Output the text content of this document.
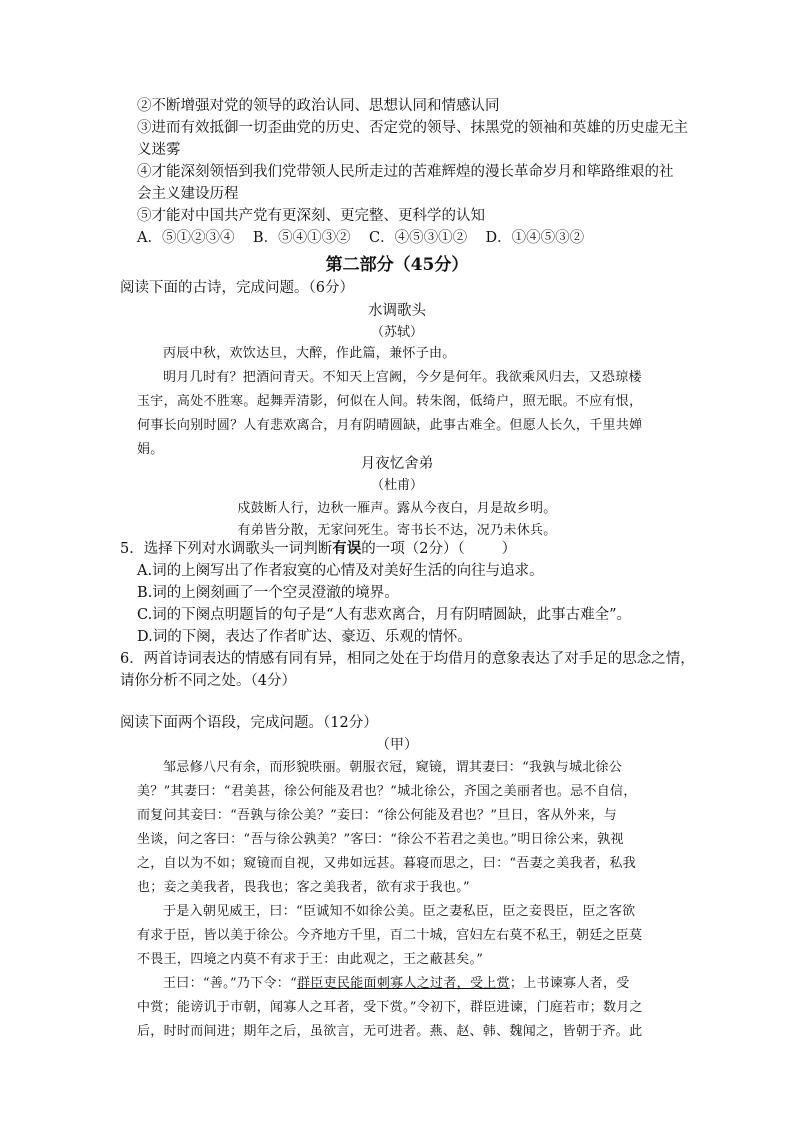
②不断增强对党的领导的政治认同、思想认同和情感认同
③进而有效抵御一切歪曲党的历史、否定党的领导、抹黑党的领袖和英雄的历史虚无主
义迷雾
④才能深刻领悟到我们党带领人民所走过的苦难辉煌的漫长革命岁月和筚路维艰的社
会主义建设历程
⑤才能对中国共产党有更深刻、更完整、更科学的认知
A．⑤①②③④    B．⑤④①③②    C．④⑤③①②    D．①④⑤③②
第二部分（45分）
阅读下面的古诗，完成问题。（6分）
水调歌头
（苏轼）
丙辰中秋，欢饮达旦，大醉，作此篇，兼怀子由。
明月几时有？把酒问青天。不知天上宫阙，今夕是何年。我欲乘风归去，又恐琼楼
玉宇，高处不胜寒。起舞弄清影，何似在人间。转朱阁，低绮户，照无眠。不应有恨，
何事长向别时圆？人有悲欢离合，月有阴晴圆缺，此事古难全。但愿人长久，千里共婵
娟。
月夜忆舍弟
（杜甫）
戍鼓断人行，边秋一雁声。露从今夜白，月是故乡明。
有弟皆分散，无家问死生。寄书长不达，况乃未休兵。
5．选择下列对水调歌头一词判断有误的一项（2分）（        ）
A.词的上阕写出了作者寂寞的心情及对美好生活的向往与追求。
B.词的上阕刻画了一个空灵澄澈的境界。
C.词的下阕点明题旨的句子是“人有悲欢离合，月有阴晴圆缺，此事古难全”。
D.词的下阕，表达了作者旷达、豪迈、乐观的情怀。
6．两首诗词表达的情感有同有异，相同之处在于均借月的意象表达了对手足的思念之情，
请你分析不同之处。（4分）
阅读下面两个语段，完成问题。（12分）
（甲）
邹忌修八尺有余，而形貌昳丽。朝服衣冠，窥镜，谓其妻曰：“我孰与城北徐公
美？”其妻曰：“君美甚，徐公何能及君也？”城北徐公，齐国之美丽者也。忌不自信，
而复问其妾曰：“吾孰与徐公美？”妾曰：“徐公何能及君也？”旦日，客从外来，与
坐谈，问之客曰：“吾与徐公孰美？”客曰：“徐公不若君之美也。”明日徐公来，孰视
之，自以为不如；窥镜而自视，又弗如远甚。暮寝而思之，曰：“吾妻之美我者，私我
也；妾之美我者，畏我也；客之美我者，欲有求于我也。”
于是入朝见威王，曰：“臣诚知不如徐公美。臣之妻私臣，臣之妾畏臣，臣之客欲
有求于臣，皆以美于徐公。今齐地方千里，百二十城，宫妇左右莫不私王，朝廷之臣莫
不畏王，四境之内莫不有求于王：由此观之，王之蔽甚矣。”
王曰：“善。”乃下令：“群臣吏民能面刺寡人之过者，受上赏；上书谏寡人者，受
中赏；能谤讥于市朝，闻寡人之耳者，受下赏。”令初下，群臣进谏，门庭若市；数月之
后，时时而间进；期年之后，虽欲言，无可进者。燕、赵、韩、魏闻之，皆朝于齐。此
